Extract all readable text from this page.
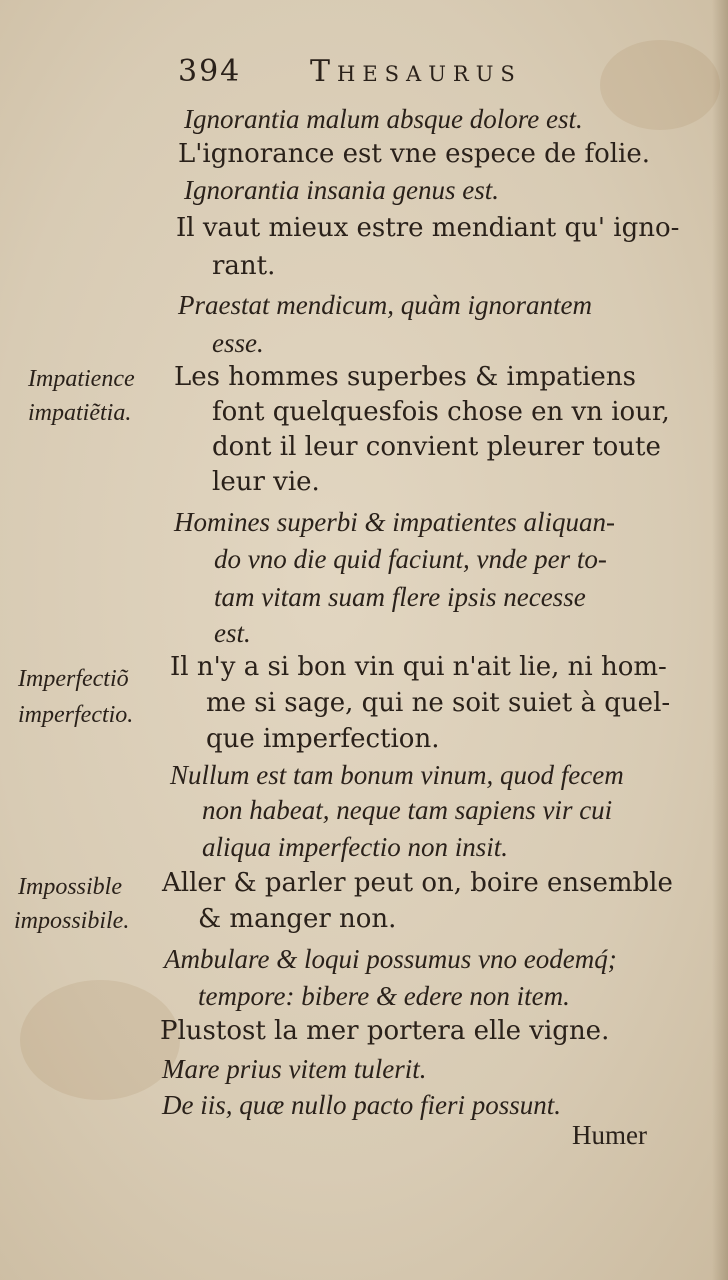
394 Thesaurus
Ignorantia malum absque dolore est.
L'ignorance est vne espece de folie.
Ignorantia insania genus est.
Il vaut mieux estre mendiant qu' igno-
rant.
Praestat mendicum, quàm ignorantem
esse.
Impatience
impatiẽtia.
Les hommes superbes & impatiens
font quelquesfois chose en vn iour,
dont il leur convient pleurer toute
leur vie.
Homines superbi & impatientes aliquan-
do vno die quid faciunt, vnde per to-
tam vitam suam flere ipsis necesse
est.
Imperfectiõ
imperfectio.
Il n'y a si bon vin qui n'ait lie, ni hom-
me si sage, qui ne soit suiet à quel-
que imperfection.
Nullum est tam bonum vinum, quod fecem
non habeat, neque tam sapiens vir cui
aliqua imperfectio non insit.
Impossible
impossibile.
Aller & parler peut on, boire ensemble
& manger non.
Ambulare & loqui possumus vno eodemq́;
tempore: bibere & edere non item.
Plustost la mer portera elle vigne.
Mare prius vitem tulerit.
De iis, quæ nullo pacto fieri possunt.
Humer
